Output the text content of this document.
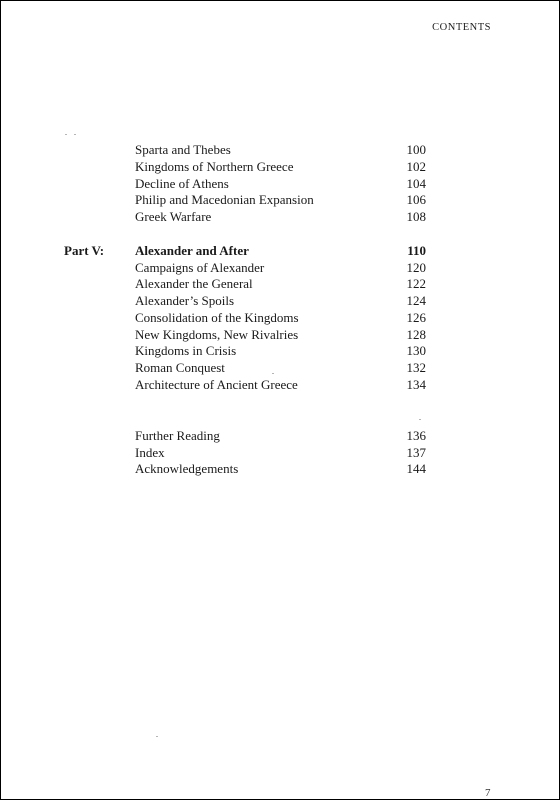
CONTENTS
Sparta and Thebes	100
Kingdoms of Northern Greece	102
Decline of Athens	104
Philip and Macedonian Expansion	106
Greek Warfare	108
Part V: Alexander and After	110
Campaigns of Alexander	120
Alexander the General	122
Alexander’s Spoils	124
Consolidation of the Kingdoms	126
New Kingdoms, New Rivalries	128
Kingdoms in Crisis	130
Roman Conquest	132
Architecture of Ancient Greece	134
Further Reading	136
Index	137
Acknowledgements	144
7
